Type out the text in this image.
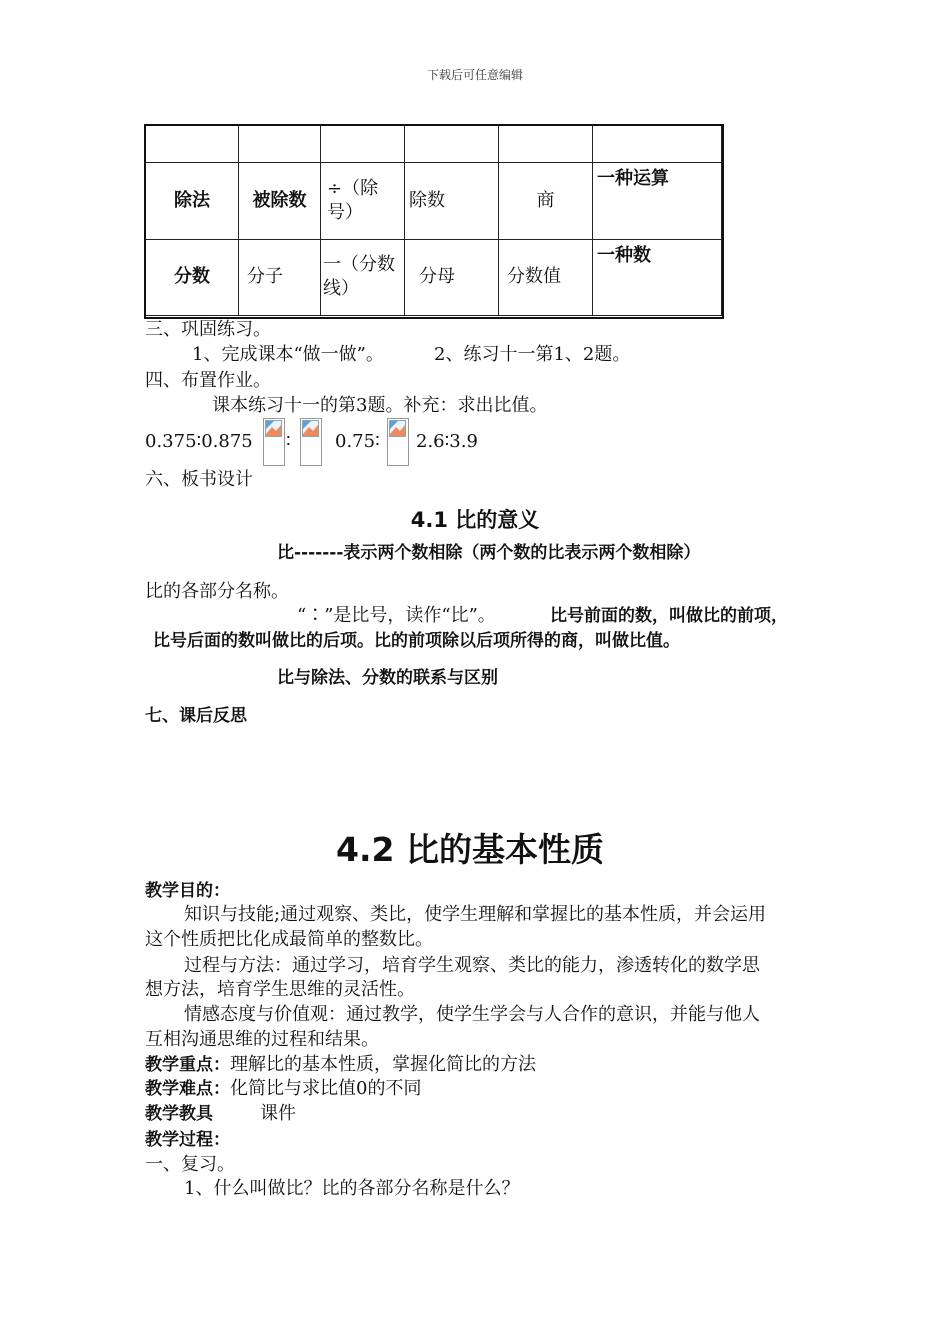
下载后可任意编辑

除法	被除数	÷（除号）	除数	商	一种运算
分数	分子	一（分数线）	分母	分数值	一种数
三、巩固练习。
1、完成课本“做一做”。	2、练习十一第1、2题。
四、布置作业。
课本练习十一的第3题。补充：求出比值。
0.375∶0.875 ∶ 0.75∶ 2.6∶3.9
六、板书设计
4.1 比的意义
比-------表示两个数相除（两个数的比表示两个数相除）
比的各部分名称。
“∶”是比号，读作“比”。	比号前面的数，叫做比的前项，
比号后面的数叫做比的后项。比的前项除以后项所得的商，叫做比值。
比与除法、分数的联系与区别
七、课后反思
4.2 比的基本性质
教学目的：
知识与技能;通过观察、类比，使学生理解和掌握比的基本性质，并会运用
这个性质把比化成最简单的整数比。
过程与方法：通过学习，培育学生观察、类比的能力，渗透转化的数学思
想方法，培育学生思维的灵活性。
情感态度与价值观：通过教学，使学生学会与人合作的意识，并能与他人
互相沟通思维的过程和结果。
教学重点：理解比的基本性质，掌握化简比的方法
教学难点：化简比与求比值0的不同
教学教具	课件
教学过程：
一、复习。
1、什么叫做比？比的各部分名称是什么？
